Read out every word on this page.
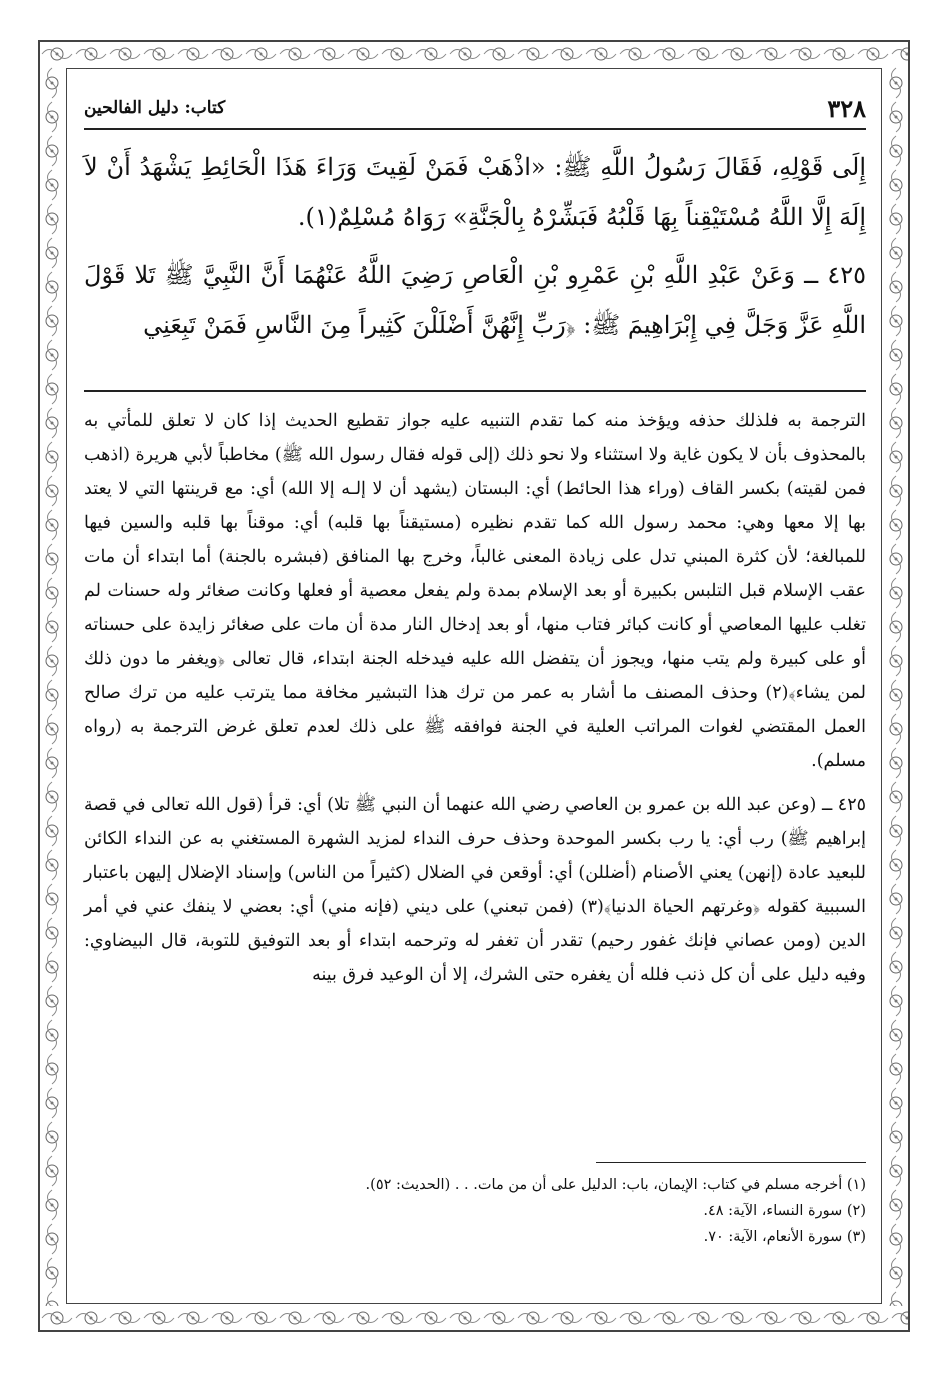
٣٢٨
كتاب: دليل الفالحين

إِلَى قَوْلِهِ، فَقَالَ رَسُولُ اللَّهِ ﷺ: «اذْهَبْ فَمَنْ لَقِيتَ وَرَاءَ هَذَا الْحَائِطِ يَشْهَدُ أَنْ لاَ إِلَهَ إِلَّا اللَّهُ مُسْتَيْقِناً بِهَا قَلْبُهُ فَبَشِّرْهُ بِالْجَنَّةِ» رَوَاهُ مُسْلِمٌ(١).

٤٢٥ ــ وَعَنْ عَبْدِ اللَّهِ بْنِ عَمْرِو بْنِ الْعَاصِ رَضِيَ اللَّهُ عَنْهُمَا أَنَّ النَّبِيَّ ﷺ تَلا قَوْلَ اللَّهِ عَزَّ وَجَلَّ فِي إِبْرَاهِيمَ ﷺ: ﴿رَبِّ إِنَّهُنَّ أَضْلَلْنَ كَثِيراً مِنَ النَّاسِ فَمَنْ تَبِعَنِي

الترجمة به فلذلك حذفه ويؤخذ منه كما تقدم التنبيه عليه جواز تقطيع الحديث إذا كان لا تعلق للمأتي به بالمحذوف بأن لا يكون غاية ولا استثناء ولا نحو ذلك (إلى قوله فقال رسول الله ﷺ) مخاطباً لأبي هريرة (اذهب فمن لقيته) بكسر القاف (وراء هذا الحائط) أي: البستان (يشهد أن لا إلـه إلا الله) أي: مع قرينتها التي لا يعتد بها إلا معها وهي: محمد رسول الله كما تقدم نظيره (مستيقناً بها قلبه) أي: موقناً بها قلبه والسين فيها للمبالغة؛ لأن كثرة المبني تدل على زيادة المعنى غالباً، وخرج بها المنافق (فبشره بالجنة) أما ابتداء أن مات عقب الإسلام قبل التلبس بكبيرة أو بعد الإسلام بمدة ولم يفعل معصية أو فعلها وكانت صغائر وله حسنات لم تغلب عليها المعاصي أو كانت كبائر فتاب منها، أو بعد إدخال النار مدة أن مات على صغائر زايدة على حسناته أو على كبيرة ولم يتب منها، ويجوز أن يتفضل الله عليه فيدخله الجنة ابتداء، قال تعالى ﴿ويغفر ما دون ذلك لمن يشاء﴾(٢) وحذف المصنف ما أشار به عمر من ترك هذا التبشير مخافة مما يترتب عليه من ترك صالح العمل المقتضي لغوات المراتب العلية في الجنة فوافقه ﷺ على ذلك لعدم تعلق غرض الترجمة به (رواه مسلم).

٤٢٥ ــ (وعن عبد الله بن عمرو بن العاصي رضي الله عنهما أن النبي ﷺ تلا) أي: قرأ (قول الله تعالى في قصة إبراهيم ﷺ) رب أي: يا رب بكسر الموحدة وحذف حرف النداء لمزيد الشهرة المستغني به عن النداء الكائن للبعيد عادة (إنهن) يعني الأصنام (أضللن) أي: أوقعن في الضلال (كثيراً من الناس) وإسناد الإضلال إليهن باعتبار السببية كقوله ﴿وغرتهم الحياة الدنيا﴾(٣) (فمن تبعني) على ديني (فإنه مني) أي: بعضي لا ينفك عني في أمر الدين (ومن عصاني فإنك غفور رحيم) تقدر أن تغفر له وترحمه ابتداء أو بعد التوفيق للتوبة، قال البيضاوي: وفيه دليل على أن كل ذنب فلله أن يغفره حتى الشرك، إلا أن الوعيد فرق بينه

(١) أخرجه مسلم في كتاب: الإيمان، باب: الدليل على أن من مات. . . (الحديث: ٥٢).
(٢) سورة النساء، الآية: ٤٨.
(٣) سورة الأنعام، الآية: ٧٠.
